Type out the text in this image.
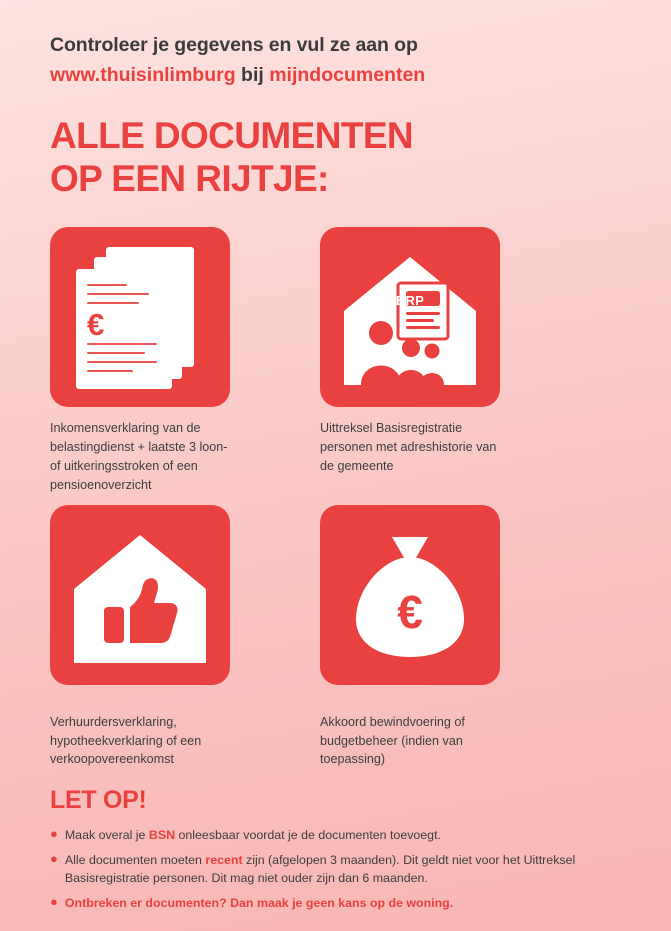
Controleer je gegevens en vul ze aan op
www.thuisinlimburg bij mijndocumenten
ALLE DOCUMENTEN
OP EEN RIJTJE:
€
Inkomensverklaring van de belastingdienst + laatste 3 loon- of uitkeringsstroken of een pensioenoverzicht
BRP
Uittreksel Basisregistratie personen met adreshistorie van de gemeente
Verhuurdersverklaring, hypotheekverklaring of een verkoopovereenkomst
€
Akkoord bewindvoering of budgetbeheer (indien van toepassing)
LET OP!
● Maak overal je BSN onleesbaar voordat je de documenten toevoegt.
● Alle documenten moeten recent zijn (afgelopen 3 maanden). Dit geldt niet voor het Uittreksel Basisregistratie personen. Dit mag niet ouder zijn dan 6 maanden.
● Ontbreken er documenten? Dan maak je geen kans op de woning.
